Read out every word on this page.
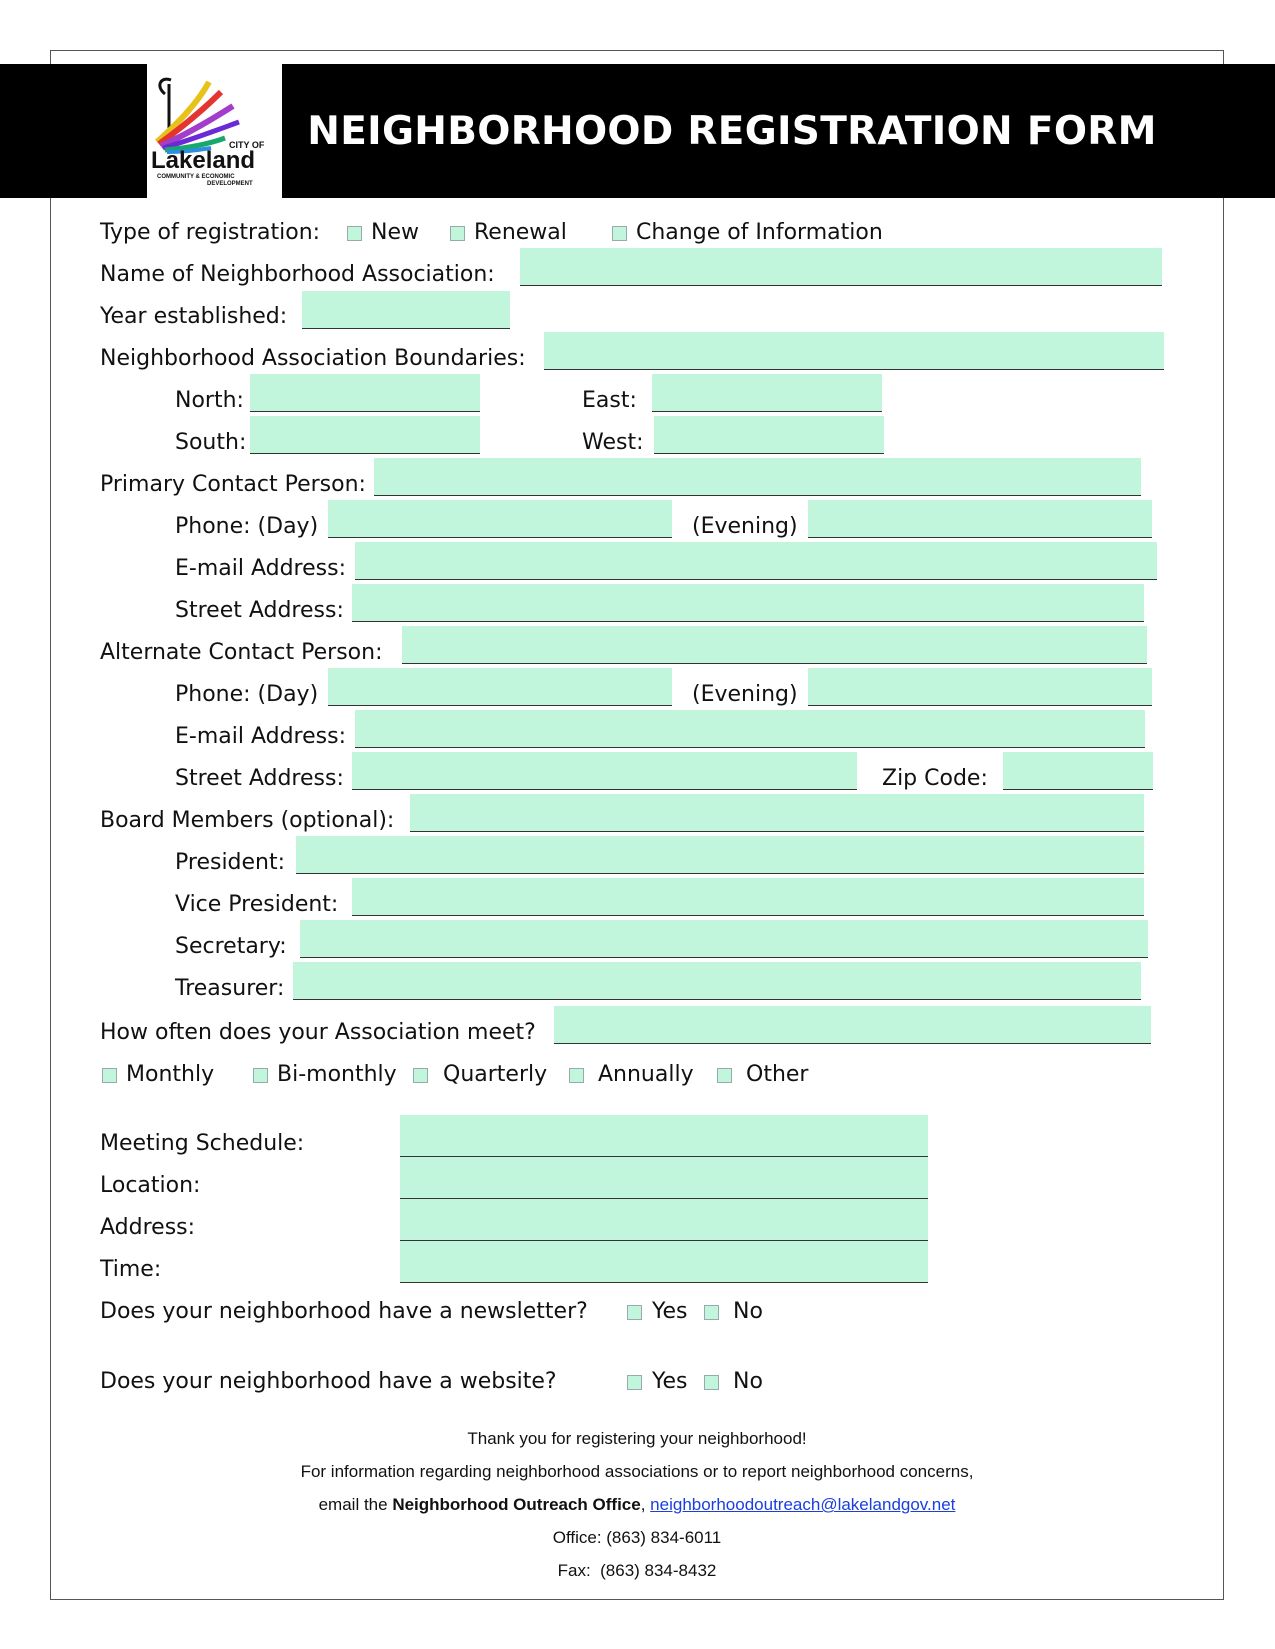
CITY OF
Lakeland
COMMUNITY & ECONOMIC
DEVELOPMENT
NEIGHBORHOOD REGISTRATION FORM
Type of registration: New	Renewal	Change of Information
Name of Neighborhood Association:
Year established:
Neighborhood Association Boundaries:
North:	East:
South:	West:
Primary Contact Person:
Phone: (Day)	(Evening)
E-mail Address:
Street Address:
Alternate Contact Person:
Phone: (Day)	(Evening)
E-mail Address:
Street Address:	Zip Code:
Board Members (optional):
President:
Vice President:
Secretary:
Treasurer:
How often does your Association meet?
Monthly	Bi-monthly Quarterly Annually Other
Meeting Schedule:
Location:
Address:
Time:
Does your neighborhood have a newsletter?	Yes No
Does your neighborhood have a website?	Yes No
Thank you for registering your neighborhood!
For information regarding neighborhood associations or to report neighborhood concerns,
email the Neighborhood Outreach Office, neighborhoodoutreach@lakelandgov.net
Office: (863) 834-6011
Fax:  (863) 834-8432
